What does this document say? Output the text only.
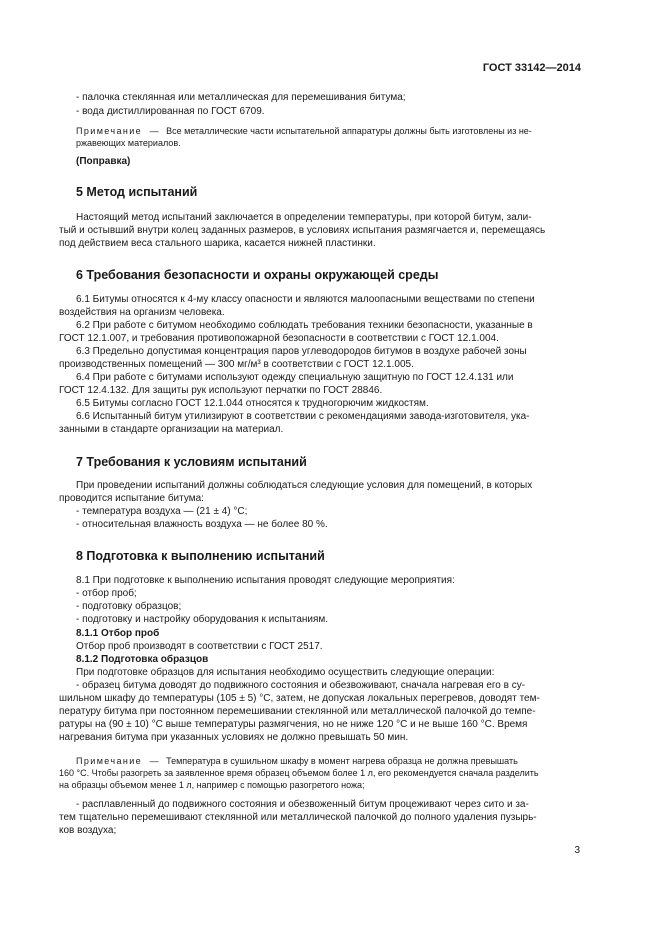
ГОСТ 33142—2014
- палочка стеклянная или металлическая для перемешивания битума;
- вода дистиллированная по ГОСТ 6709.
Примечание — Все металлические части испытательной аппаратуры должны быть изготовлены из не-
ржавеющих материалов.
(Поправка)
5 Метод испытаний
Настоящий метод испытаний заключается в определении температуры, при которой битум, зали-
тый и остывший внутри колец заданных размеров, в условиях испытания размягчается и, перемещаясь
под действием веса стального шарика, касается нижней пластинки.
6 Требования безопасности и охраны окружающей среды
6.1 Битумы относятся к 4-му классу опасности и являются малоопасными веществами по степени
воздействия на организм человека.
6.2 При работе с битумом необходимо соблюдать требования техники безопасности, указанные в
ГОСТ 12.1.007, и требования противопожарной безопасности в соответствии с ГОСТ 12.1.004.
6.3 Предельно допустимая концентрация паров углеводородов битумов в воздухе рабочей зоны
производственных помещений — 300 мг/м³ в соответствии с ГОСТ 12.1.005.
6.4 При работе с битумами используют одежду специальную защитную по ГОСТ 12.4.131 или
ГОСТ 12.4.132. Для защиты рук используют перчатки по ГОСТ 28846.
6.5 Битумы согласно ГОСТ 12.1.044 относятся к трудногорючим жидкостям.
6.6 Испытанный битум утилизируют в соответствии с рекомендациями завода-изготовителя, ука-
занными в стандарте организации на материал.
7 Требования к условиям испытаний
При проведении испытаний должны соблюдаться следующие условия для помещений, в которых
проводится испытание битума:
- температура воздуха — (21 ± 4) °С;
- относительная влажность воздуха — не более 80 %.
8 Подготовка к выполнению испытаний
8.1 При подготовке к выполнению испытания проводят следующие мероприятия:
- отбор проб;
- подготовку образцов;
- подготовку и настройку оборудования к испытаниям.
8.1.1 Отбор проб
Отбор проб производят в соответствии с ГОСТ 2517.
8.1.2 Подготовка образцов
При подготовке образцов для испытания необходимо осуществить следующие операции:
- образец битума доводят до подвижного состояния и обезвоживают, сначала нагревая его в су-
шильном шкафу до температуры (105 ± 5) °С, затем, не допуская локальных перегревов, доводят тем-
пературу битума при постоянном перемешивании стеклянной или металлической палочкой до темпе-
ратуры на (90 ± 10) °С выше температуры размягчения, но не ниже 120 °С и не выше 160 °С. Время
нагревания битума при указанных условиях не должно превышать 50 мин.
Примечание — Температура в сушильном шкафу в момент нагрева образца не должна превышать
160 °С. Чтобы разогреть за заявленное время образец объемом более 1 л, его рекомендуется сначала разделить
на образцы объемом менее 1 л, например с помощью разогретого ножа;
- расплавленный до подвижного состояния и обезвоженный битум процеживают через сито и за-
тем тщательно перемешивают стеклянной или металлической палочкой до полного удаления пузырь-
ков воздуха;
3
